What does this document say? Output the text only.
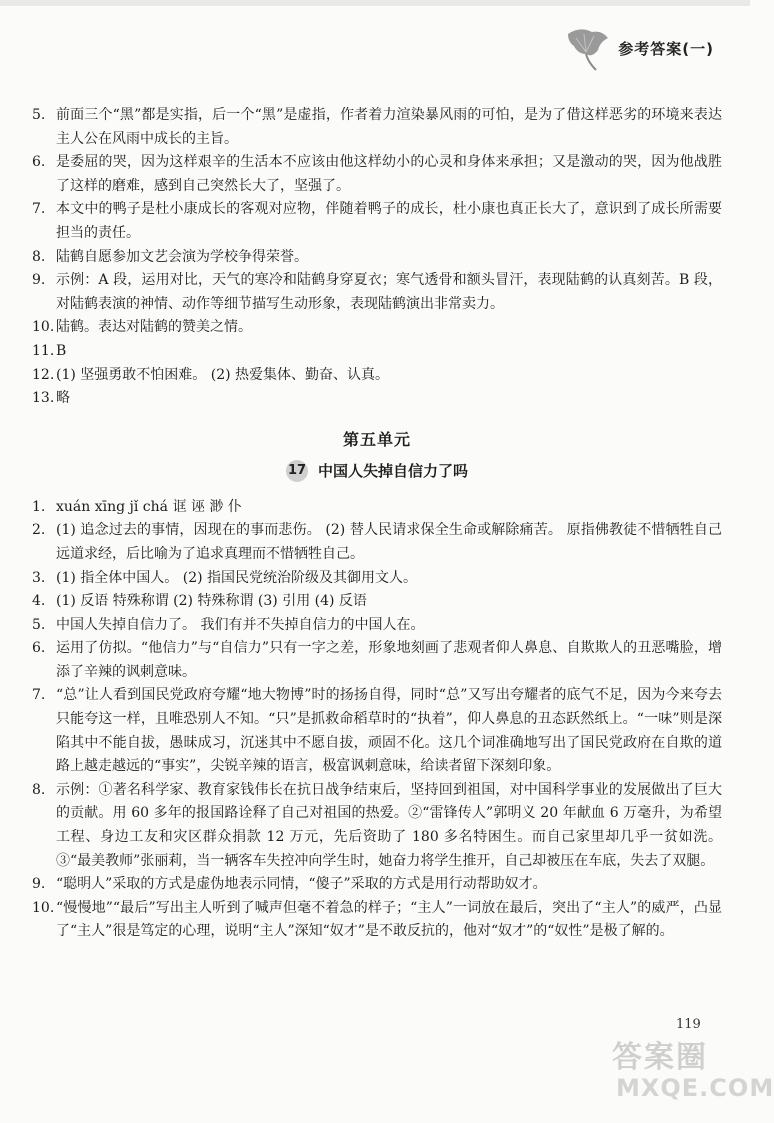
参考答案(一)

5. 前面三个“黑”都是实指，后一个“黑”是虚指，作者着力渲染暴风雨的可怕，是为了借这样恶劣的环境来表达主人公在风雨中成长的主旨。

6. 是委屈的哭，因为这样艰辛的生活本不应该由他这样幼小的心灵和身体来承担；又是激动的哭，因为他战胜了这样的磨难，感到自己突然长大了，坚强了。

7. 本文中的鸭子是杜小康成长的客观对应物，伴随着鸭子的成长，杜小康也真正长大了，意识到了成长所需要担当的责任。

8. 陆鹤自愿参加文艺会演为学校争得荣誉。

9. 示例：A 段，运用对比，天气的寒冷和陆鹤身穿夏衣；寒气透骨和额头冒汗，表现陆鹤的认真刻苦。B 段，对陆鹤表演的神情、动作等细节描写生动形象，表现陆鹤演出非常卖力。

10. 陆鹤。表达对陆鹤的赞美之情。

11. B

12. (1) 坚强勇敢不怕困难。 (2) 热爱集体、勤奋、认真。

13. 略

第五单元
17 中国人失掉自信力了吗

1. xuán xīng jǐ chá 诓 诬 渺 仆

2. (1) 追念过去的事情，因现在的事而悲伤。 (2) 替人民请求保全生命或解除痛苦。 原指佛教徒不惜牺牲自己远道求经，后比喻为了追求真理而不惜牺牲自己。

3. (1) 指全体中国人。 (2) 指国民党统治阶级及其御用文人。

4. (1) 反语 特殊称谓 (2) 特殊称谓 (3) 引用 (4) 反语

5. 中国人失掉自信力了。 我们有并不失掉自信力的中国人在。

6. 运用了仿拟。“他信力”与“自信力”只有一字之差，形象地刻画了悲观者仰人鼻息、自欺欺人的丑恶嘴脸，增添了辛辣的讽刺意味。

7. “总”让人看到国民党政府夸耀“地大物博”时的扬扬自得，同时“总”又写出夸耀者的底气不足，因为今来夸去只能夸这一样，且唯恐别人不知。“只”是抓救命稻草时的“执着”，仰人鼻息的丑态跃然纸上。“一味”则是深陷其中不能自拔，愚昧成习，沉迷其中不愿自拔，顽固不化。这几个词准确地写出了国民党政府在自欺的道路上越走越远的“事实”，尖锐辛辣的语言，极富讽刺意味，给读者留下深刻印象。

8. 示例：①著名科学家、教育家钱伟长在抗日战争结束后，坚持回到祖国，对中国科学事业的发展做出了巨大的贡献。用 60 多年的报国路诠释了自己对祖国的热爱。②“雷锋传人”郭明义 20 年献血 6 万毫升，为希望工程、身边工友和灾区群众捐款 12 万元，先后资助了 180 多名特困生。而自己家里却几乎一贫如洗。③“最美教师”张丽莉，当一辆客车失控冲向学生时，她奋力将学生推开，自己却被压在车底，失去了双腿。

9. “聪明人”采取的方式是虚伪地表示同情，“傻子”采取的方式是用行动帮助奴才。

10. “慢慢地”“最后”写出主人听到了喊声但毫不着急的样子；“主人”一词放在最后，突出了“主人”的威严，凸显了“主人”很是笃定的心理，说明“主人”深知“奴才”是不敢反抗的，他对“奴才”的“奴性”是极了解的。

119
答案圈
MXQE.COM
